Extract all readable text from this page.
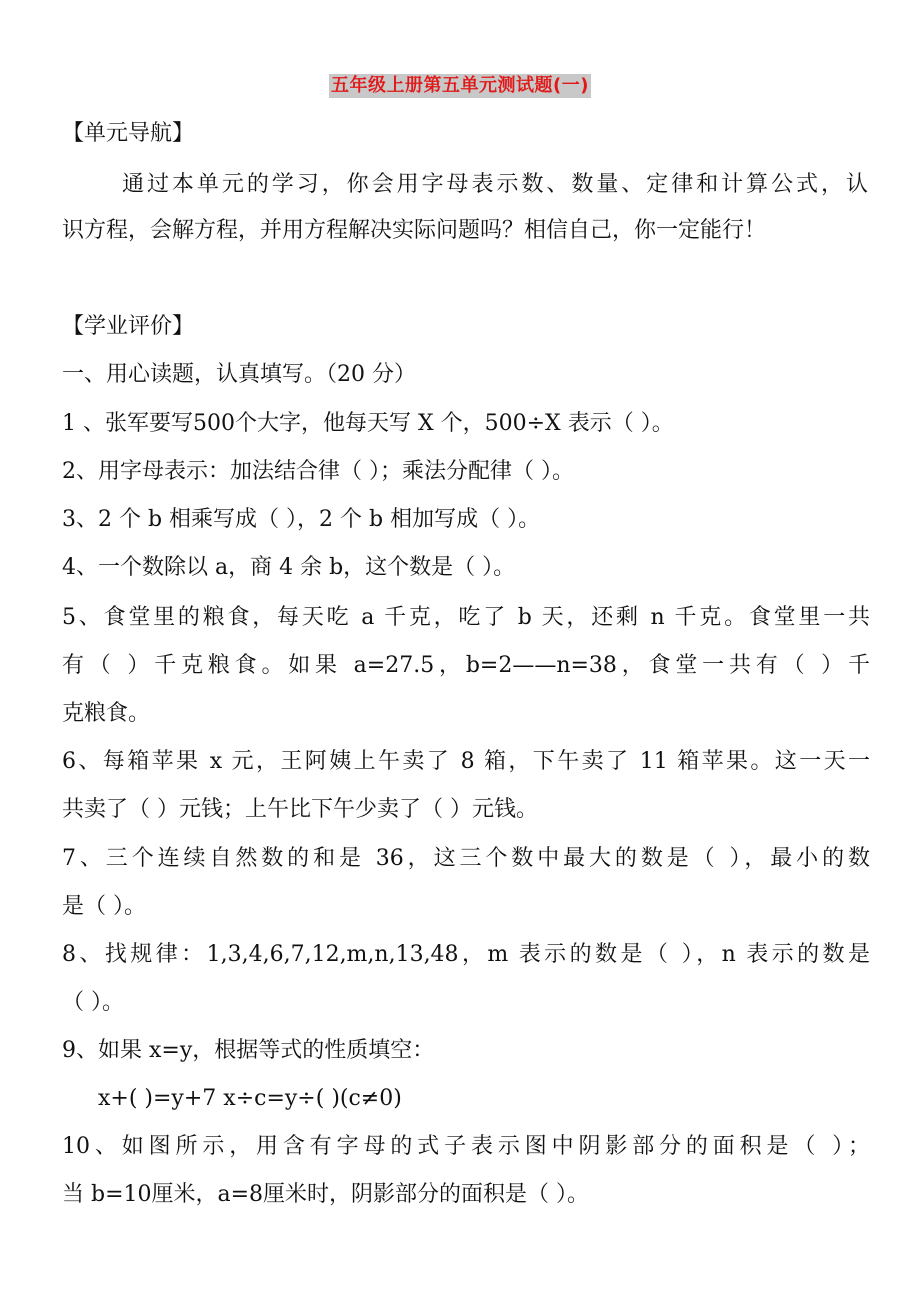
五年级上册第五单元测试题(一)
【单元导航】
通过本单元的学习，你会用字母表示数、数量、定律和计算公式，认
识方程，会解方程，并用方程解决实际问题吗？相信自己，你一定能行！
【学业评价】
一、用心读题，认真填写。（20 分）
1 、张军要写500个大字，他每天写 X 个，500÷X 表示（ ）。
2、用字母表示：加法结合律（ ）；乘法分配律（ ）。
3、2 个 b 相乘写成（ ），2 个 b 相加写成（ ）。
4、一个数除以 a，商 4 余 b，这个数是（ ）。
5、食堂里的粮食，每天吃 a 千克，吃了 b 天，还剩 n 千克。食堂里一共
有（ ）千克粮食。如果 a=27.5，b=2——n=38，食堂一共有（ ）千
克粮食。
6、每箱苹果 x 元，王阿姨上午卖了 8 箱，下午卖了 11 箱苹果。这一天一
共卖了（ ）元钱；上午比下午少卖了（ ）元钱。
7、三个连续自然数的和是 36，这三个数中最大的数是（ ），最小的数
是（ ）。
8、找规律：1,3,4,6,7,12,m,n,13,48，m 表示的数是（ ），n 表示的数是
（ ）。
9、如果 x=y，根据等式的性质填空：
x+( )=y+7 x÷c=y÷( )(c≠0)
10、如图所示，用含有字母的式子表示图中阴影部分的面积是（ ）；
当 b=10厘米，a=8厘米时，阴影部分的面积是（ ）。
